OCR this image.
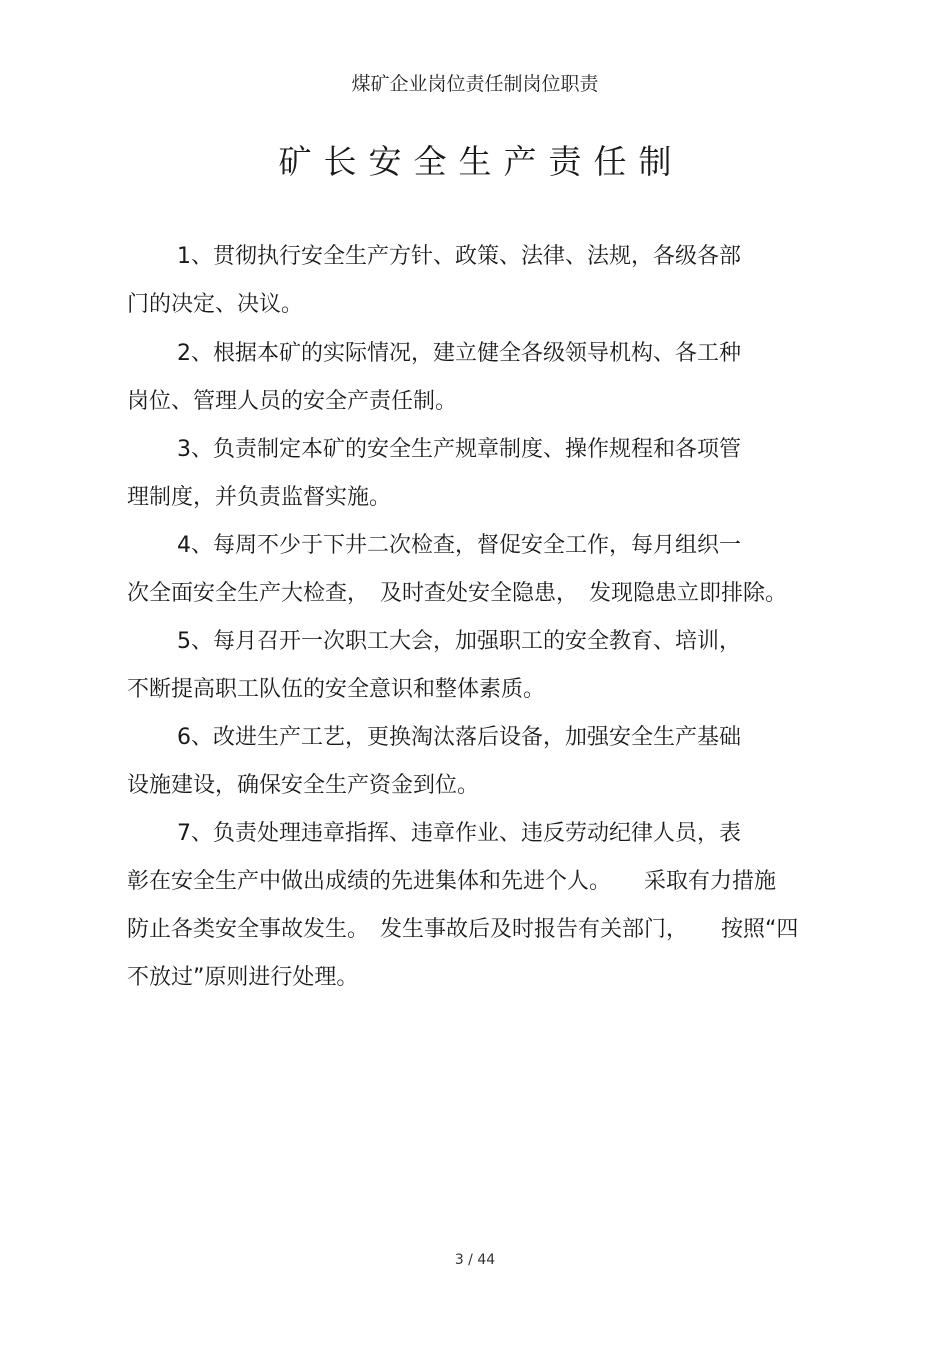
煤矿企业岗位责任制岗位职责
矿长安全生产责任制
1、贯彻执行安全生产方针、政策、法律、法规，各级各部
门的决定、决议。
2、根据本矿的实际情况，建立健全各级领导机构、各工种
岗位、管理人员的安全产责任制。
3、负责制定本矿的安全生产规章制度、操作规程和各项管
理制度，并负责监督实施。
4、每周不少于下井二次检查，督促安全工作，每月组织一
次全面安全生产大检查，　及时查处安全隐患，　发现隐患立即排除。
5、每月召开一次职工大会，加强职工的安全教育、培训，
不断提高职工队伍的安全意识和整体素质。
6、改进生产工艺，更换淘汰落后设备，加强安全生产基础
设施建设，确保安全生产资金到位。
7、负责处理违章指挥、违章作业、违反劳动纪律人员，表
彰在安全生产中做出成绩的先进集体和先进个人。　　采取有力措施
防止各类安全事故发生。　发生事故后及时报告有关部门，　　按照“四
不放过”原则进行处理。
3 / 44
